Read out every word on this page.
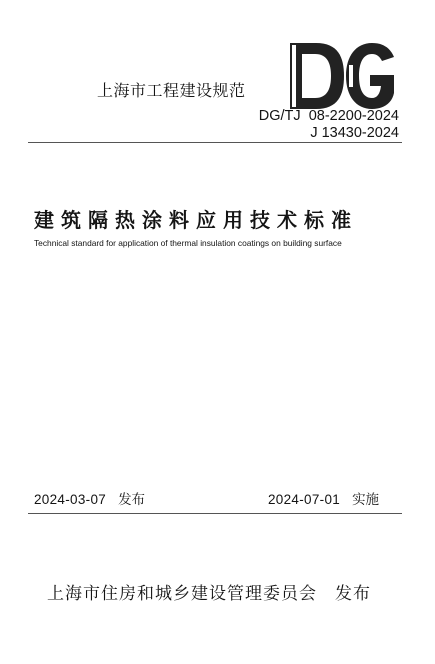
上海市工程建设规范
DG/TJ  08-2200-2024
J 13430-2024
建筑隔热涂料应用技术标准
Technical standard for application of thermal insulation coatings on building surface
2024-03-07 发布	2024-07-01 实施
上海市住房和城乡建设管理委员会 发布
